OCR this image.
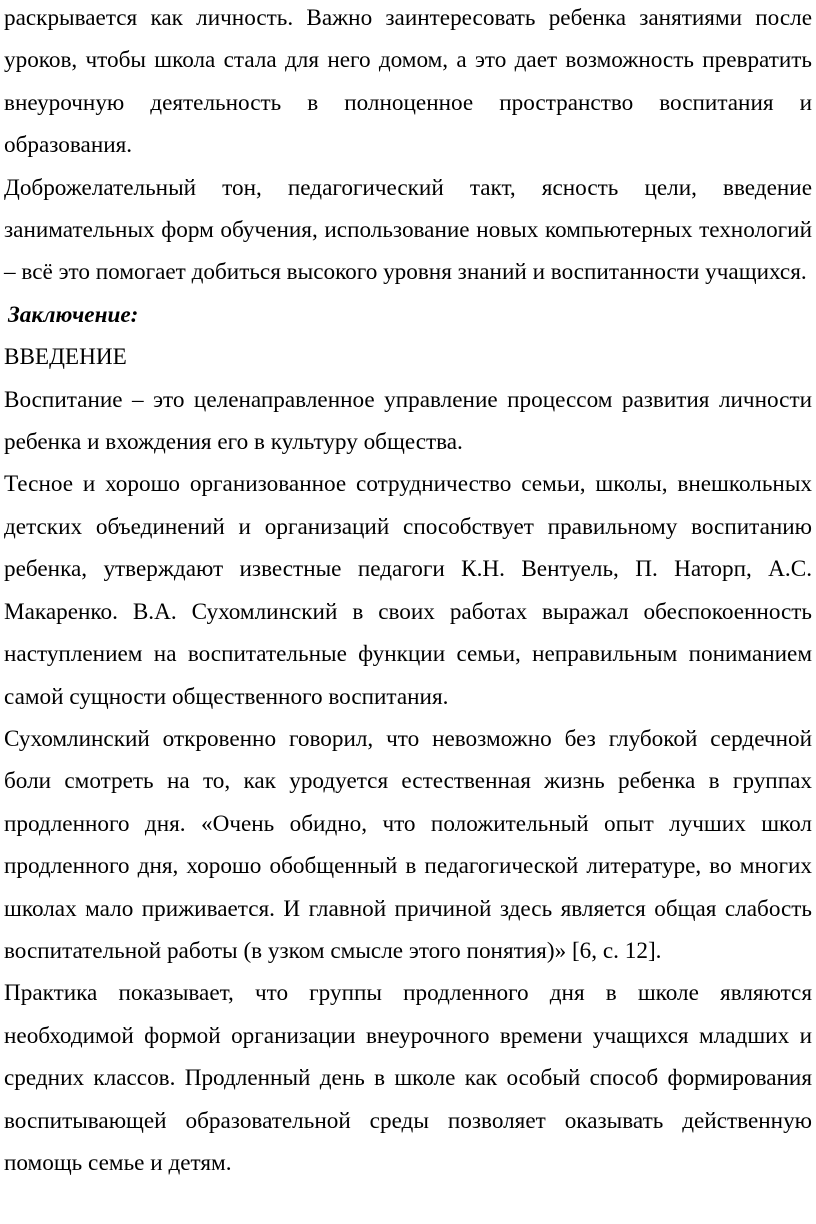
раскрывается как личность. Важно заинтересовать ребенка занятиями после уроков, чтобы школа стала для него домом, а это дает возможность превратить внеурочную деятельность в полноценное пространство воспитания и образования.

Доброжелательный тон, педагогический такт, ясность цели, введение занимательных форм обучения, использование новых компьютерных технологий – всё это помогает добиться высокого уровня знаний и воспитанности учащихся.

Заключение:

ВВЕДЕНИЕ

Воспитание – это целенаправленное управление процессом развития личности ребенка и вхождения его в культуру общества.

Тесное и хорошо организованное сотрудничество семьи, школы, внешкольных детских объединений и организаций способствует правильному воспитанию ребенка, утверждают известные педагоги К.Н. Вентуель, П. Наторп, А.С. Макаренко. В.А. Сухомлинский в своих работах выражал обеспокоенность наступлением на воспитательные функции семьи, неправильным пониманием самой сущности общественного воспитания.

Сухомлинский откровенно говорил, что невозможно без глубокой сердечной боли смотреть на то, как уродуется естественная жизнь ребенка в группах продленного дня. «Очень обидно, что положительный опыт лучших школ продленного дня, хорошо обобщенный в педагогической литературе, во многих школах мало приживается. И главной причиной здесь является общая слабость воспитательной работы (в узком смысле этого понятия)» [6, с. 12].

Практика показывает, что группы продленного дня в школе являются необходимой формой организации внеурочного времени учащихся младших и средних классов. Продленный день в школе как особый способ формирования воспитывающей образовательной среды позволяет оказывать действенную помощь семье и детям.
